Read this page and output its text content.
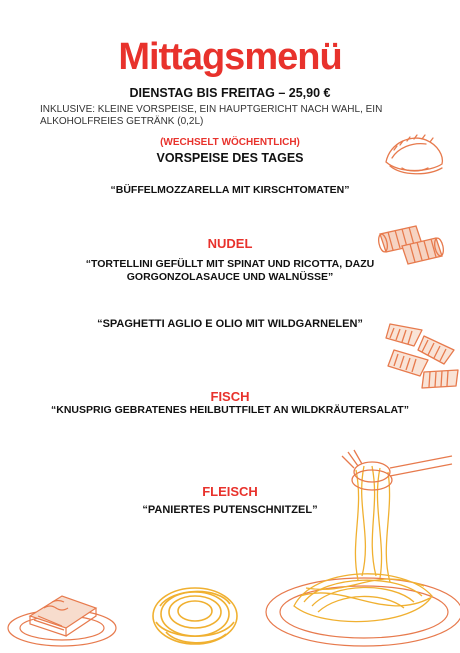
Mittagsmenü
DIENSTAG BIS FREITAG – 25,90 €
INKLUSIVE: KLEINE VORSPEISE, EIN HAUPTGERICHT NACH WAHL, EIN ALKOHOLFREIES GETRÄNK (0,2L)
(WECHSELT WÖCHENTLICH)
VORSPEISE DES TAGES
“BÜFFELMOZZARELLA MIT KIRSCHTOMATEN”
NUDEL
“TORTELLINI GEFÜLLT MIT SPINAT UND RICOTTA, DAZU GORGONZOLASAUCE UND WALNÜSSE”
“SPAGHETTI AGLIO E OLIO MIT WILDGARNELEN”
FISCH
“KNUSPRIG GEBRATENES HEILBUTTFILET AN WILDKRÄUTERSALAT”
FLEISCH
“PANIERTES PUTENSCHNITZEL”
